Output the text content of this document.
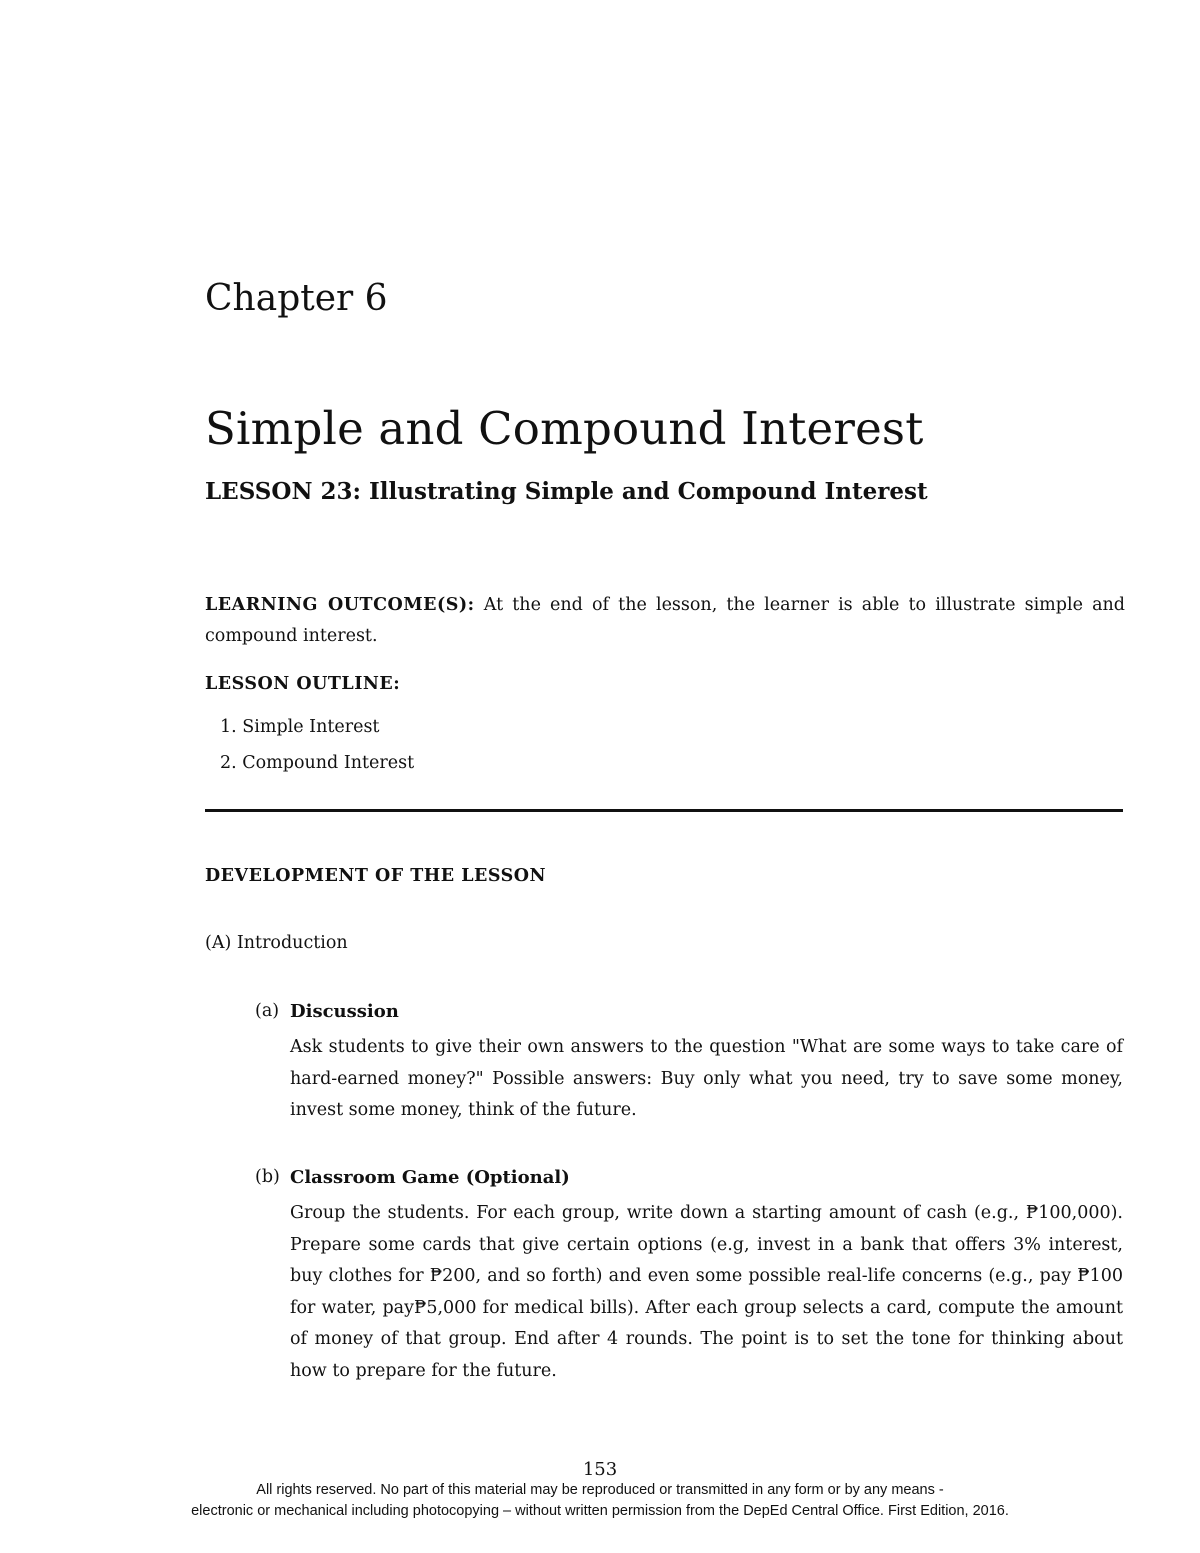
Chapter 6
Simple and Compound Interest
LESSON 23: Illustrating Simple and Compound Interest
LEARNING OUTCOME(S): At the end of the lesson, the learner is able to illustrate simple and compound interest.
LESSON OUTLINE:
1. Simple Interest
2. Compound Interest
DEVELOPMENT OF THE LESSON
(A) Introduction
(a) Discussion
Ask students to give their own answers to the question "What are some ways to take care of hard-earned money?" Possible answers: Buy only what you need, try to save some money, invest some money, think of the future.
(b) Classroom Game (Optional)
Group the students. For each group, write down a starting amount of cash (e.g., ₱100,000). Prepare some cards that give certain options (e.g, invest in a bank that offers 3% interest, buy clothes for ₱200, and so forth) and even some possible real-life concerns (e.g., pay ₱100 for water, pay₱5,000 for medical bills). After each group selects a card, compute the amount of money of that group. End after 4 rounds. The point is to set the tone for thinking about how to prepare for the future.
153
All rights reserved. No part of this material may be reproduced or transmitted in any form or by any means -
electronic or mechanical including photocopying – without written permission from the DepEd Central Office. First Edition, 2016.
